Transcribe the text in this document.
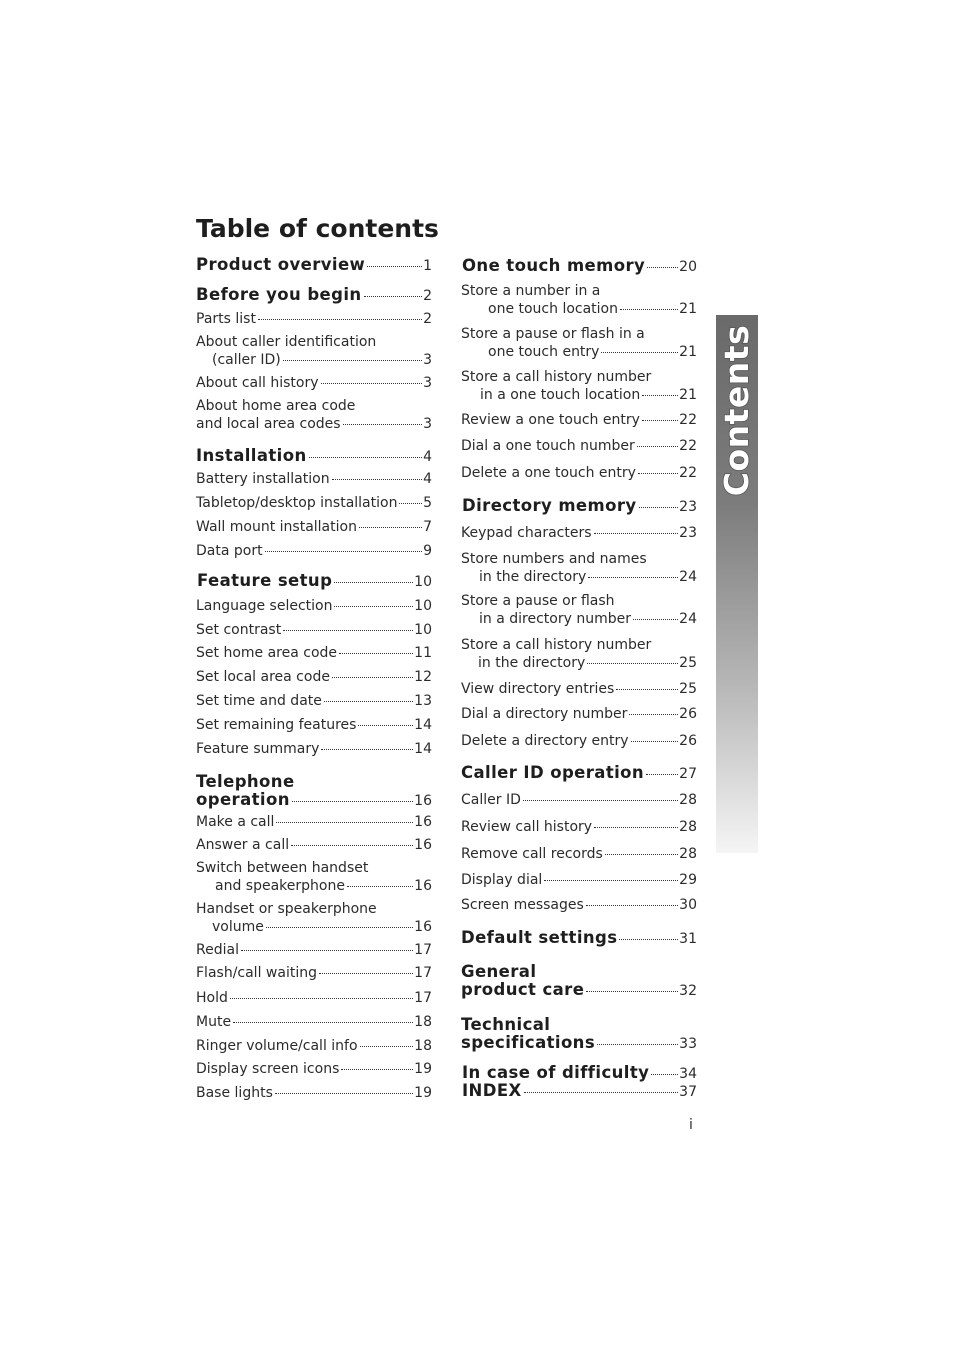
Table of contents
Contents
Product overview	1
Before you begin	2
Parts list	2
About caller identification
(caller ID)	3
About call history	3
About home area code
and local area codes	3
Installation	4
Battery installation	4
Tabletop/desktop installation 5
Wall mount installation	7
Data port	9
Feature setup	10
Language selection	10
Set contrast	10
Set home area code	11
Set local area code	12
Set time and date	13
Set remaining features	14
Feature summary	14
Telephone
operation	16
Make a call	16
Answer a call	16
Switch between handset
and speakerphone	16
Handset or speakerphone
volume	16
Redial	17
Flash/call waiting	17
Hold	17
Mute	18
Ringer volume/call info	18
Display screen icons	19
Base lights	19
One touch memory 20
Store a number in a
one touch location	21
Store a pause or flash in a
one touch entry	21
Store a call history number
in a one touch location	21
Review a one touch entry	22
Dial a one touch number	22
Delete a one touch entry	22
Directory memory	23
Keypad characters	23
Store numbers and names
in the directory	24
Store a pause or flash
in a directory number	24
Store a call history number
in the directory	25
View directory entries	25
Dial a directory number	26
Delete a directory entry	26
Caller ID operation	27
Caller ID	28
Review call history	28
Remove call records	28
Display dial	29
Screen messages	30
Default settings	31
General
product care	32
Technical
specifications	33
In case of difficulty 34
INDEX	37
i
